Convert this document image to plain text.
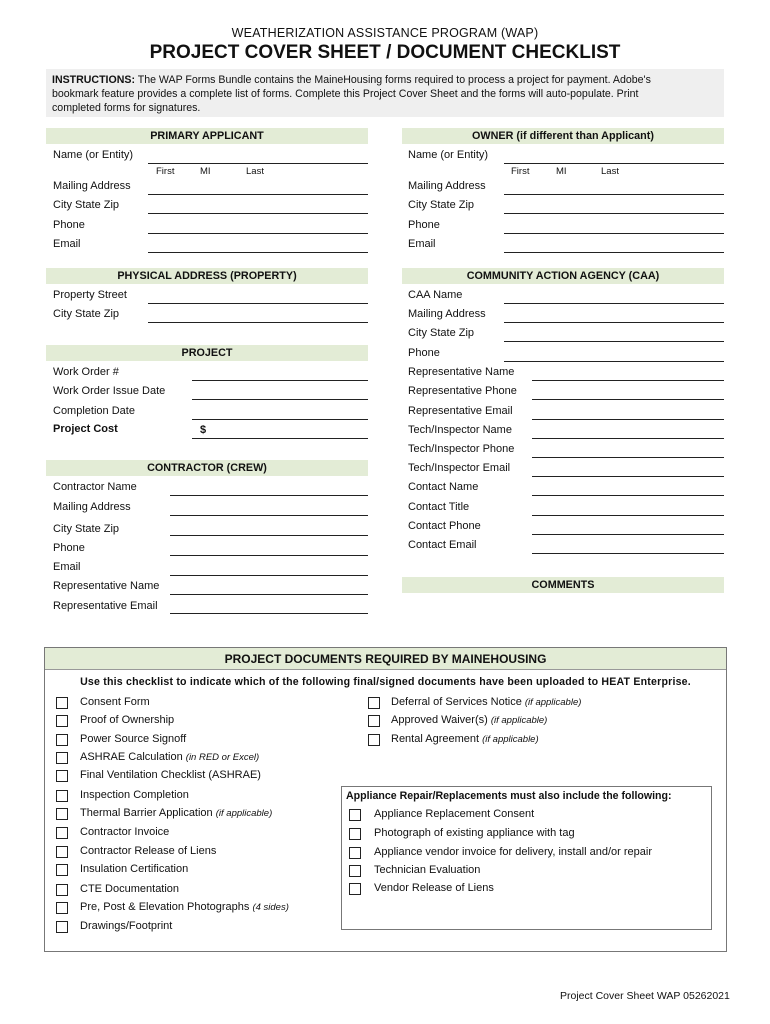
WEATHERIZATION ASSISTANCE PROGRAM (WAP)
PROJECT COVER SHEET / DOCUMENT CHECKLIST
INSTRUCTIONS: The WAP Forms Bundle contains the MaineHousing forms required to process a project for payment. Adobe's
bookmark feature provides a complete list of forms. Complete this Project Cover Sheet and the forms will auto-populate. Print
completed forms for signatures.
PRIMARY APPLICANT
Name (or Entity)
First	MI	Last
Mailing Address
City State Zip
Phone
Email
OWNER (if different than Applicant)
Name (or Entity)
First	MI	Last
Mailing Address
City State Zip
Phone
Email
PHYSICAL ADDRESS (PROPERTY)
Property Street
City State Zip
PROJECT
Work Order #
Work Order Issue Date
Completion Date
Project Cost	$
CONTRACTOR (CREW)
Contractor Name
Mailing Address
City State Zip
Phone
Email
Representative Name
Representative Email
COMMUNITY ACTION AGENCY (CAA)
CAA Name
Mailing Address
City State Zip
Phone
Representative Name
Representative Phone
Representative Email
Tech/Inspector Name
Tech/Inspector Phone
Tech/Inspector Email
Contact Name
Contact Title
Contact Phone
Contact Email
COMMENTS
PROJECT DOCUMENTS REQUIRED BY MAINEHOUSING
Use this checklist to indicate which of the following final/signed documents have been uploaded to HEAT Enterprise.
Consent Form
Proof of Ownership
Power Source Signoff
ASHRAE Calculation (in RED or Excel)
Final Ventilation Checklist (ASHRAE)
Inspection Completion
Thermal Barrier Application (if applicable)
Contractor Invoice
Contractor Release of Liens
Insulation Certification
CTE Documentation
Pre, Post & Elevation Photographs (4 sides)
Drawings/Footprint
Deferral of Services Notice (if applicable)
Approved Waiver(s) (if applicable)
Rental Agreement (if applicable)
Appliance Repair/Replacements must also include the following:
Appliance Replacement Consent
Photograph of existing appliance with tag
Appliance vendor invoice for delivery, install and/or repair
Technician Evaluation
Vendor Release of Liens
Project Cover Sheet WAP 05262021
